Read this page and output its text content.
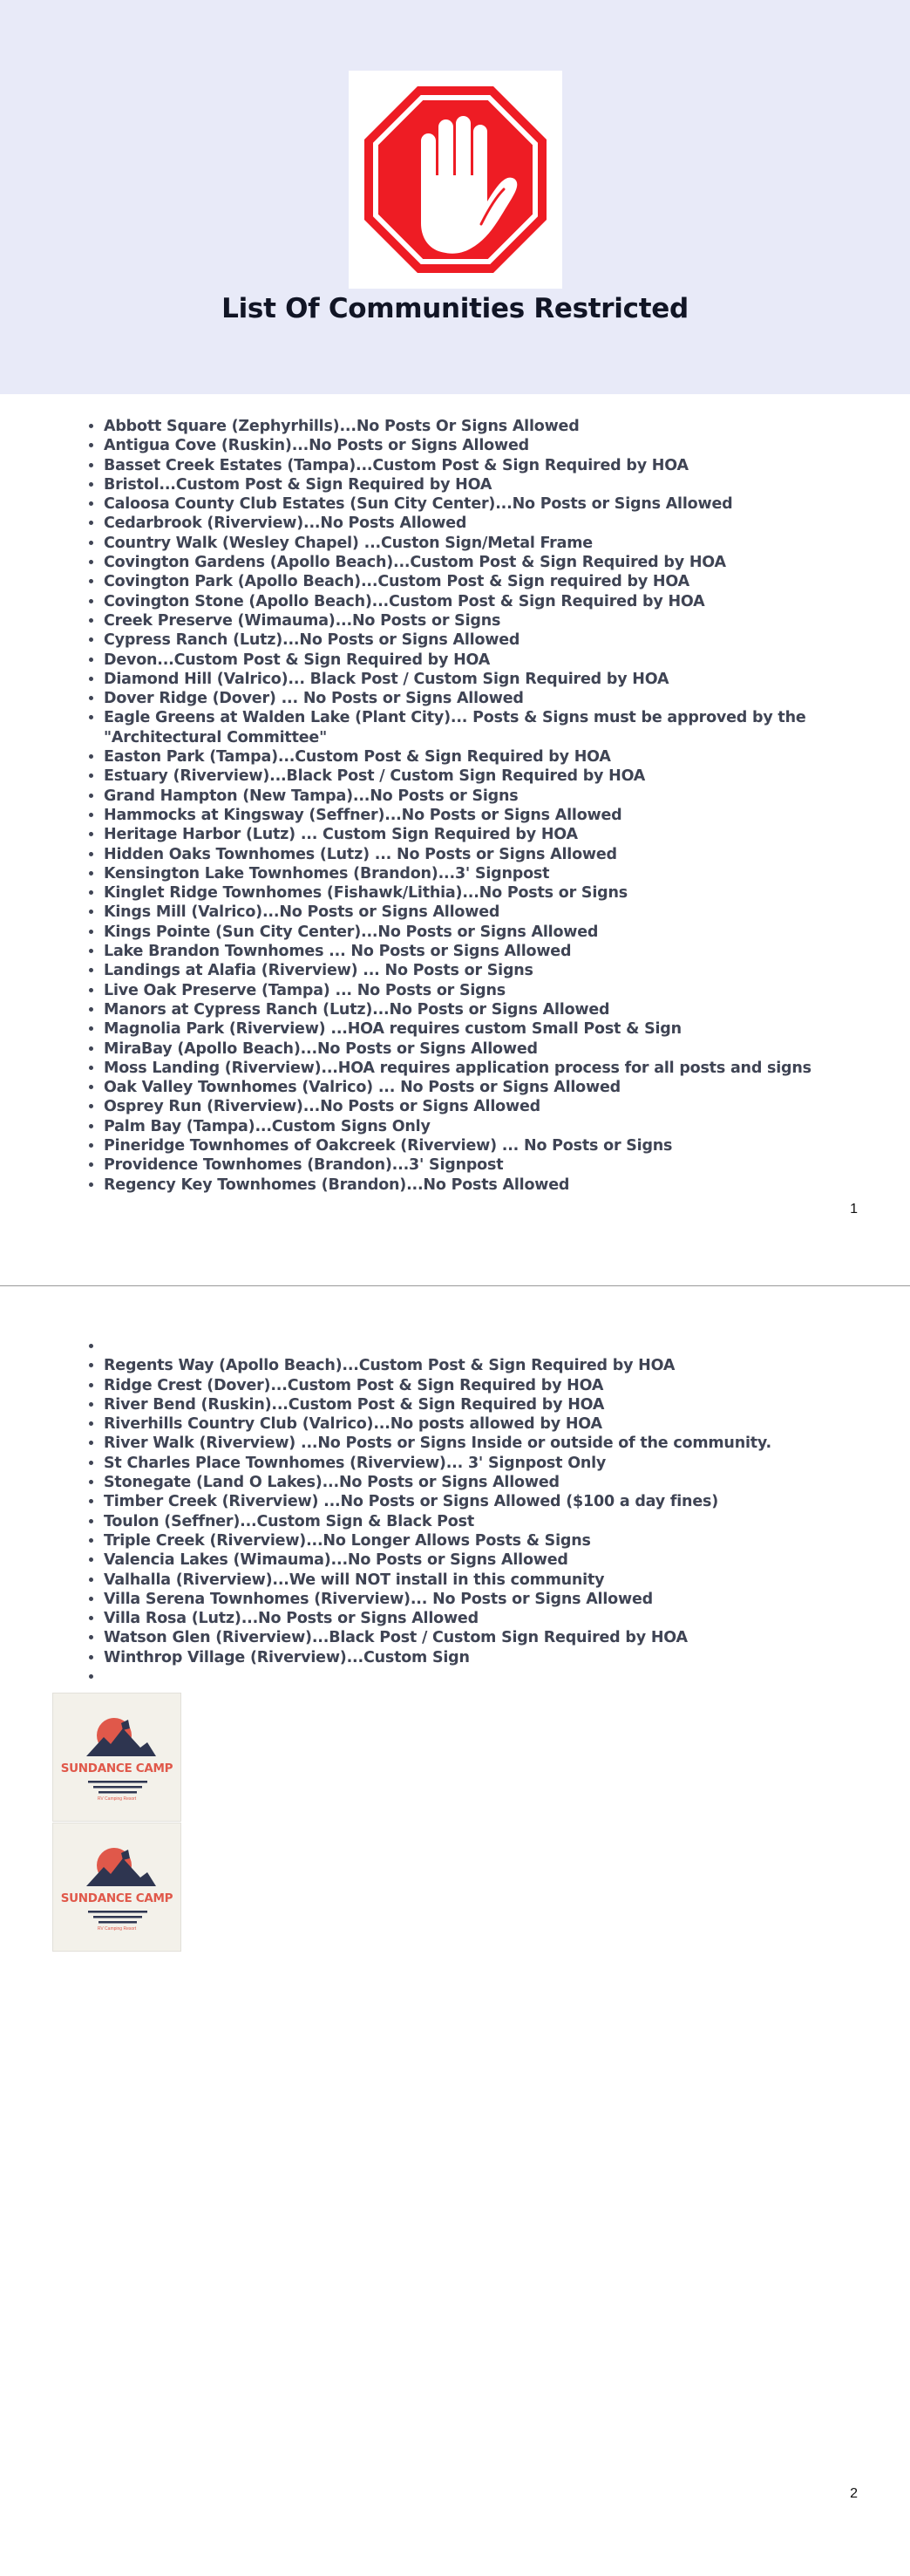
List Of Communities Restricted
• Abbott Square (Zephyrhills)...No Posts Or Signs Allowed
• Antigua Cove (Ruskin)...No Posts or Signs Allowed
• Basset Creek Estates (Tampa)...Custom Post & Sign Required by HOA
• Bristol...Custom Post & Sign Required by HOA
• Caloosa County Club Estates (Sun City Center)...No Posts or Signs Allowed
• Cedarbrook (Riverview)...No Posts Allowed
• Country Walk (Wesley Chapel) ...Custon Sign/Metal Frame
• Covington Gardens (Apollo Beach)...Custom Post & Sign Required by HOA
• Covington Park (Apollo Beach)...Custom Post & Sign required by HOA
• Covington Stone (Apollo Beach)...Custom Post & Sign Required by HOA
• Creek Preserve (Wimauma)...No Posts or Signs
• Cypress Ranch (Lutz)...No Posts or Signs Allowed
• Devon...Custom Post & Sign Required by HOA
• Diamond Hill (Valrico)... Black Post / Custom Sign Required by HOA
• Dover Ridge (Dover) ... No Posts or Signs Allowed
• Eagle Greens at Walden Lake (Plant City)... Posts & Signs must be approved by the "Architectural Committee"
• Easton Park (Tampa)...Custom Post & Sign Required by HOA
• Estuary (Riverview)...Black Post / Custom Sign Required by HOA
• Grand Hampton (New Tampa)...No Posts or Signs
• Hammocks at Kingsway (Seffner)...No Posts or Signs Allowed
• Heritage Harbor (Lutz) ... Custom Sign Required by HOA
• Hidden Oaks Townhomes (Lutz) ... No Posts or Signs Allowed
• Kensington Lake Townhomes (Brandon)...3' Signpost
• Kinglet Ridge Townhomes (Fishawk/Lithia)...No Posts or Signs
• Kings Mill (Valrico)...No Posts or Signs Allowed
• Kings Pointe (Sun City Center)...No Posts or Signs Allowed
• Lake Brandon Townhomes ... No Posts or Signs Allowed
• Landings at Alafia (Riverview) ... No Posts or Signs
• Live Oak Preserve (Tampa) ... No Posts or Signs
• Manors at Cypress Ranch (Lutz)...No Posts or Signs Allowed
• Magnolia Park (Riverview) ...HOA requires custom Small Post & Sign
• MiraBay (Apollo Beach)...No Posts or Signs Allowed
• Moss Landing (Riverview)...HOA requires application process for all posts and signs
• Oak Valley Townhomes (Valrico) ... No Posts or Signs Allowed
• Osprey Run (Riverview)...No Posts or Signs Allowed
• Palm Bay (Tampa)...Custom Signs Only
• Pineridge Townhomes of Oakcreek (Riverview) ... No Posts or Signs
• Providence Townhomes (Brandon)...3' Signpost
• Regency Key Townhomes (Brandon)...No Posts Allowed
1
2
•
• Regents Way (Apollo Beach)...Custom Post & Sign Required by HOA
• Ridge Crest (Dover)...Custom Post & Sign Required by HOA
• River Bend (Ruskin)...Custom Post & Sign Required by HOA
• Riverhills Country Club (Valrico)...No posts allowed by HOA
• River Walk (Riverview) ...No Posts or Signs Inside or outside of the community.
• St Charles Place Townhomes (Riverview)... 3' Signpost Only
• Stonegate (Land O Lakes)...No Posts or Signs Allowed
• Timber Creek (Riverview) ...No Posts or Signs Allowed ($100 a day fines)
• Toulon (Seffner)...Custom Sign & Black Post
• Triple Creek (Riverview)...No Longer Allows Posts & Signs
• Valencia Lakes (Wimauma)...No Posts or Signs Allowed
• Valhalla (Riverview)...We will NOT install in this community
• Villa Serena Townhomes (Riverview)... No Posts or Signs Allowed
• Villa Rosa (Lutz)...No Posts or Signs Allowed
• Watson Glen (Riverview)...Black Post / Custom Sign Required by HOA
• Winthrop Village (Riverview)...Custom Sign
•
SUNDANCE CAMP
RV Camping Resort
SUNDANCE CAMP
RV Camping Resort
